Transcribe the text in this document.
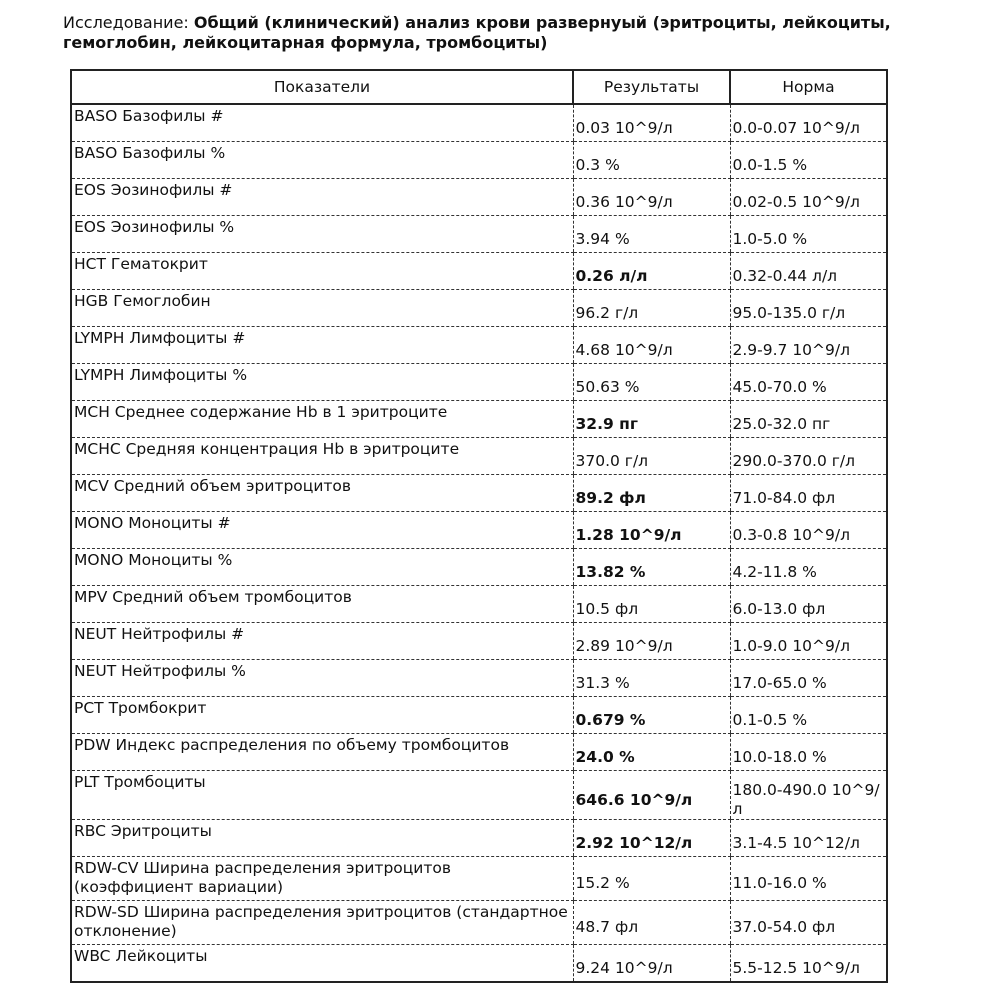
Исследование: Общий (клинический) анализ крови развернуый (эритроциты, лейкоциты,
гемоглобин, лейкоцитарная формула, тромбоциты)
Показатели	Результаты	Норма
BASO Базофилы #	0.03 10^9/л	0.0-0.07 10^9/л

BASO Базофилы %	0.3 %	0.0-1.5 %

EOS Эозинофилы #	0.36 10^9/л	0.02-0.5 10^9/л

EOS Эозинофилы %	3.94 %	1.0-5.0 %

HCT Гематокрит	0.26 л/л	0.32-0.44 л/л

HGB Гемоглобин	96.2 г/л	95.0-135.0 г/л

LYMPH Лимфоциты #	4.68 10^9/л	2.9-9.7 10^9/л

LYMPH Лимфоциты %	50.63 %	45.0-70.0 %

MCH Среднее содержание Hb в 1 эритроците	32.9 пг	25.0-32.0 пг

MCHC Средняя концентрация Hb в эритроците	370.0 г/л	290.0-370.0 г/л

MCV Средний объем эритроцитов	89.2 фл	71.0-84.0 фл

MONO Моноциты #	1.28 10^9/л	0.3-0.8 10^9/л

MONO Моноциты %	13.82 %	4.2-11.8 %

MPV Средний объем тромбоцитов	10.5 фл	6.0-13.0 фл

NEUT Нейтрофилы #	2.89 10^9/л	1.0-9.0 10^9/л

NEUT Нейтрофилы %	31.3 %	17.0-65.0 %

PCT Тромбокрит	0.679 %	0.1-0.5 %

PDW Индекс распределения по объему тромбоцитов	24.0 %	10.0-18.0 %

PLT Тромбоциты	646.6 10^9/л	180.0-490.0 10^9/л

RBC Эритроциты	2.92 10^12/л	3.1-4.5 10^12/л

RDW-CV Ширина распределения эритроцитов (коэффициент вариации)	15.2 %	11.0-16.0 %

RDW-SD Ширина распределения эритроцитов (стандартное отклонение)	48.7 фл	37.0-54.0 фл

WBC Лейкоциты	9.24 10^9/л	5.5-12.5 10^9/л
